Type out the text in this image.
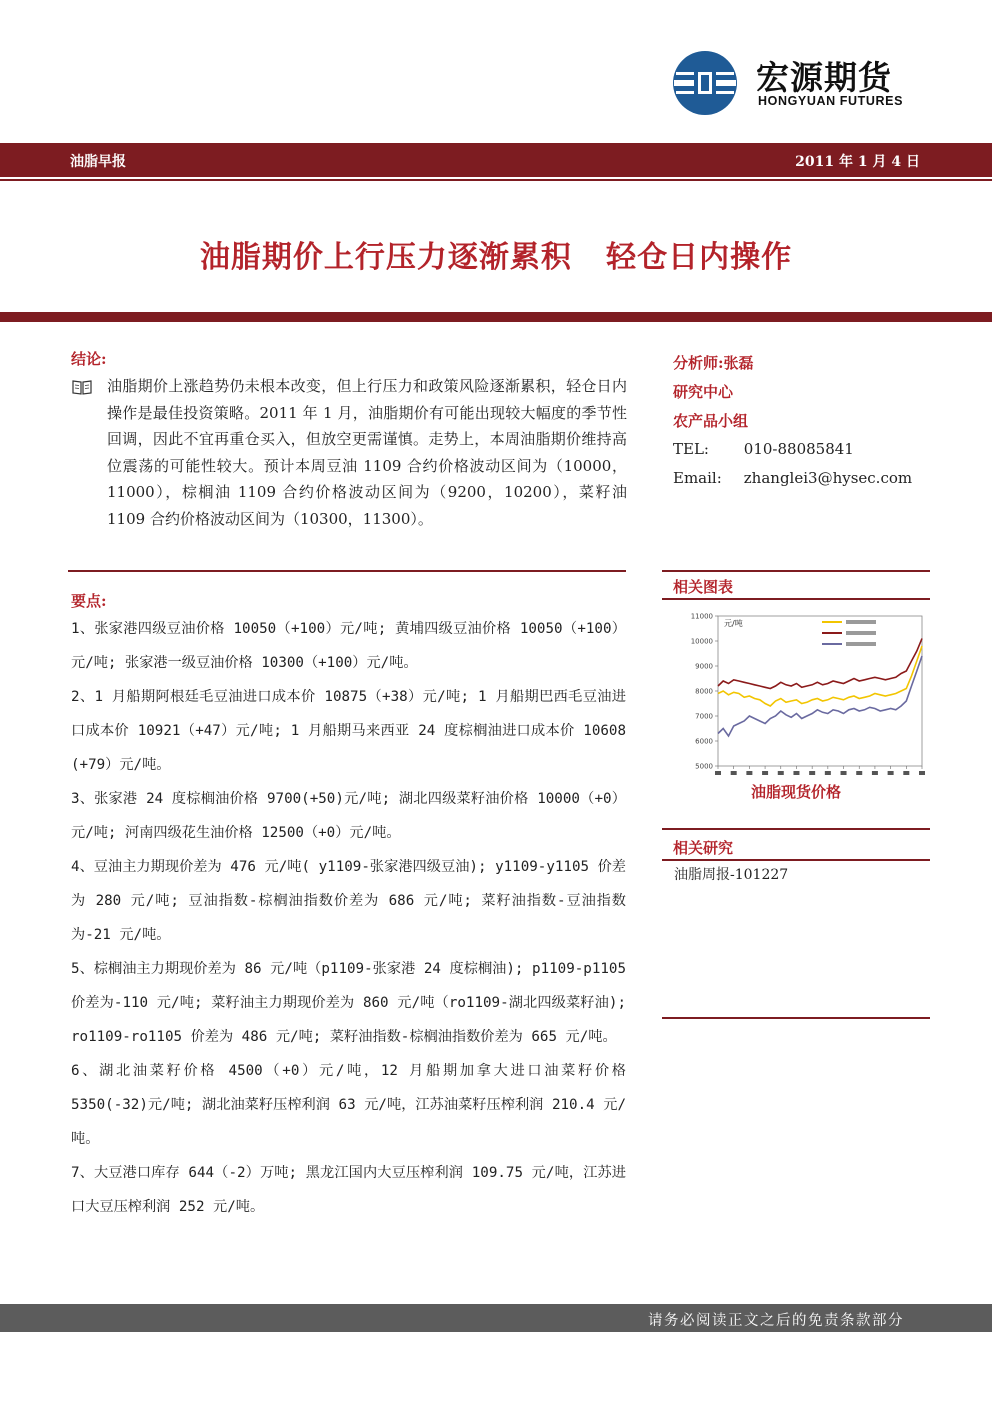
宏源期货
HONGYUAN FUTURES
油脂早报	2011 年 1 月 4 日
油脂期价上行压力逐渐累积   轻仓日内操作
结论:
油脂期价上涨趋势仍未根本改变，但上行压力和政策风险逐渐累积，轻仓日内操作是最佳投资策略。2011 年 1 月，油脂期价有可能出现较大幅度的季节性回调，因此不宜再重仓买入，但放空更需谨慎。走势上，本周油脂期价维持高位震荡的可能性较大。预计本周豆油 1109 合约价格波动区间为（10000，11000），棕榈油 1109 合约价格波动区间为（9200，10200），菜籽油 1109 合约价格波动区间为（10300，11300）。
要点:

1、张家港四级豆油价格 10050（+100）元/吨; 黄埔四级豆油价格 10050（+100）元/吨; 张家港一级豆油价格 10300（+100）元/吨。

2、1 月船期阿根廷毛豆油进口成本价 10875（+38）元/吨; 1 月船期巴西毛豆油进口成本价 10921（+47）元/吨; 1 月船期马来西亚 24 度棕榈油进口成本价 10608 (+79）元/吨。

3、张家港 24 度棕榈油价格 9700(+50)元/吨; 湖北四级菜籽油价格 10000（+0）元/吨; 河南四级花生油价格 12500（+0）元/吨。

4、豆油主力期现价差为 476 元/吨( y1109-张家港四级豆油); y1109-y1105 价差为 280 元/吨; 豆油指数-棕榈油指数价差为 686 元/吨; 菜籽油指数-豆油指数为-21 元/吨。

5、棕榈油主力期现价差为 86 元/吨（p1109-张家港 24 度棕榈油); p1109-p1105 价差为-110 元/吨; 菜籽油主力期现价差为 860 元/吨（ro1109-湖北四级菜籽油); ro1109-ro1105 价差为 486 元/吨; 菜籽油指数-棕榈油指数价差为 665 元/吨。

6、湖北油菜籽价格 4500（+0）元/吨，12 月船期加拿大进口油菜籽价格 5350(-32)元/吨; 湖北油菜籽压榨利润 63 元/吨，江苏油菜籽压榨利润 210.4 元/吨。

7、大豆港口库存 644（-2）万吨; 黑龙江国内大豆压榨利润 109.75 元/吨，江苏进口大豆压榨利润 252 元/吨。

分析师:张磊
研究中心
农产品小组
TEL: 010-88085841
Email: zhanglei3@hysec.com
相关图表
5000
6000
7000
8000
9000
10000
11000
元/吨
油脂现货价格
相关研究
油脂周报-101227
请务必阅读正文之后的免责条款部分
